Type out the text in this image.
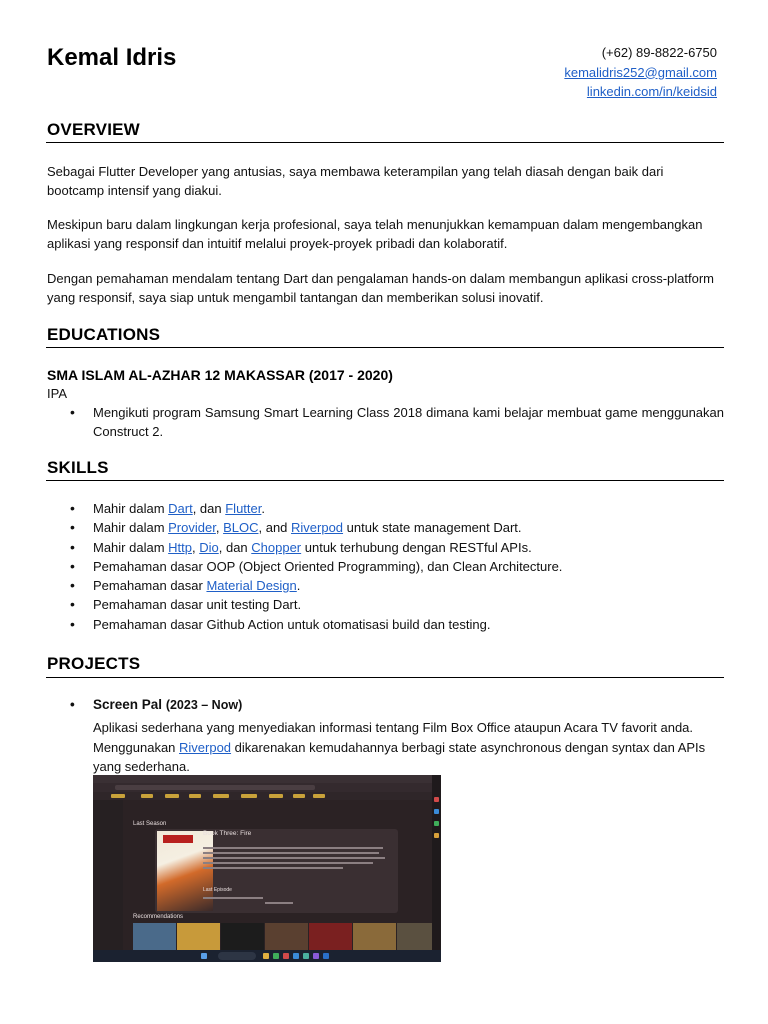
Kemal Idris	(+62) 89-8822-6750
kemalidris252@gmail.com
linkedin.com/in/keidsid
OVERVIEW
Sebagai Flutter Developer yang antusias, saya membawa keterampilan yang telah diasah dengan baik dari bootcamp intensif yang diakui.
Meskipun baru dalam lingkungan kerja profesional, saya telah menunjukkan kemampuan dalam mengembangkan aplikasi yang responsif dan intuitif melalui proyek-proyek pribadi dan kolaboratif.
Dengan pemahaman mendalam tentang Dart dan pengalaman hands-on dalam membangun aplikasi cross-platform yang responsif, saya siap untuk mengambil tantangan dan memberikan solusi inovatif.
EDUCATIONS
SMA ISLAM AL-AZHAR 12 MAKASSAR (2017 - 2020)
IPA
• Mengikuti program Samsung Smart Learning Class 2018 dimana kami belajar membuat game menggunakan Construct 2.
SKILLS
• Mahir dalam Dart, dan Flutter.
• Mahir dalam Provider, BLOC, and Riverpod untuk state management Dart.
• Mahir dalam Http, Dio, dan Chopper untuk terhubung dengan RESTful APIs.
• Pemahaman dasar OOP (Object Oriented Programming), dan Clean Architecture.
• Pemahaman dasar Material Design.
• Pemahaman dasar unit testing Dart.
• Pemahaman dasar Github Action untuk otomatisasi build dan testing.
PROJECTS
• Screen Pal (2023 – Now)
Aplikasi sederhana yang menyediakan informasi tentang Film Box Office ataupun Acara TV favorit anda. Menggunakan Riverpod dikarenakan kemudahannya berbagi state asynchronous dengan syntax dan APIs yang sederhana.
Last Season
Book Three: Fire
Last Episode
Recommendations
